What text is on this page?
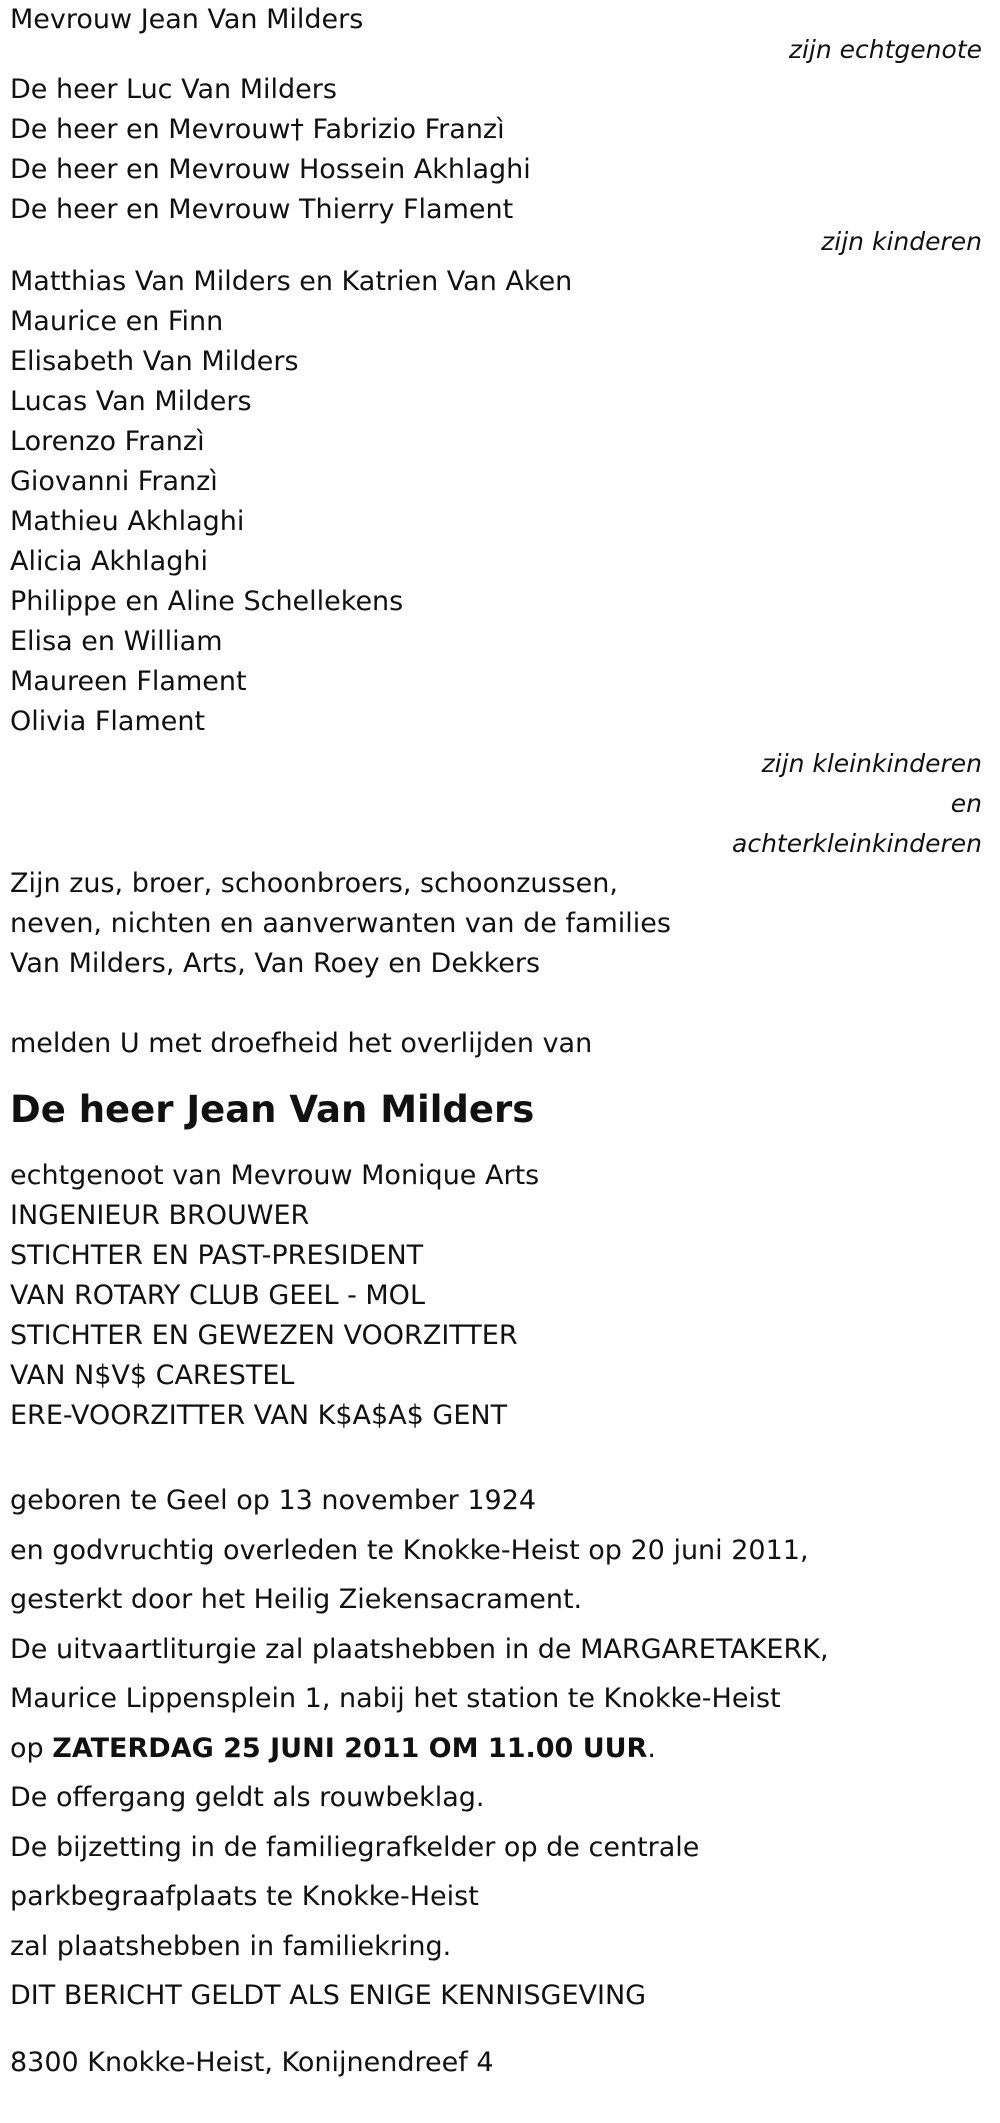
Mevrouw Jean Van Milders
zijn echtgenote
De heer Luc Van Milders
De heer en Mevrouw† Fabrizio Franzì
De heer en Mevrouw Hossein Akhlaghi
De heer en Mevrouw Thierry Flament
zijn kinderen
Matthias Van Milders en Katrien Van Aken
Maurice en Finn
Elisabeth Van Milders
Lucas Van Milders
Lorenzo Franzì
Giovanni Franzì
Mathieu Akhlaghi
Alicia Akhlaghi
Philippe en Aline Schellekens
Elisa en William
Maureen Flament
Olivia Flament
zijn kleinkinderen
en
achterkleinkinderen
Zijn zus, broer, schoonbroers, schoonzussen,
neven, nichten en aanverwanten van de families
Van Milders, Arts, Van Roey en Dekkers
melden U met droefheid het overlijden van
De heer Jean Van Milders
echtgenoot van Mevrouw Monique Arts
INGENIEUR BROUWER
STICHTER EN PAST-PRESIDENT
VAN ROTARY CLUB GEEL - MOL
STICHTER EN GEWEZEN VOORZITTER
VAN N$V$ CARESTEL
ERE-VOORZITTER VAN K$A$A$ GENT
geboren te Geel op 13 november 1924
en godvruchtig overleden te Knokke-Heist op 20 juni 2011,
gesterkt door het Heilig Ziekensacrament.
De uitvaartliturgie zal plaatshebben in de MARGARETAKERK,
Maurice Lippensplein 1, nabij het station te Knokke-Heist
op ZATERDAG 25 JUNI 2011 OM 11.00 UUR.
De offergang geldt als rouwbeklag.
De bijzetting in de familiegrafkelder op de centrale
parkbegraafplaats te Knokke-Heist
zal plaatshebben in familiekring.
DIT BERICHT GELDT ALS ENIGE KENNISGEVING
8300 Knokke-Heist, Konijnendreef 4
